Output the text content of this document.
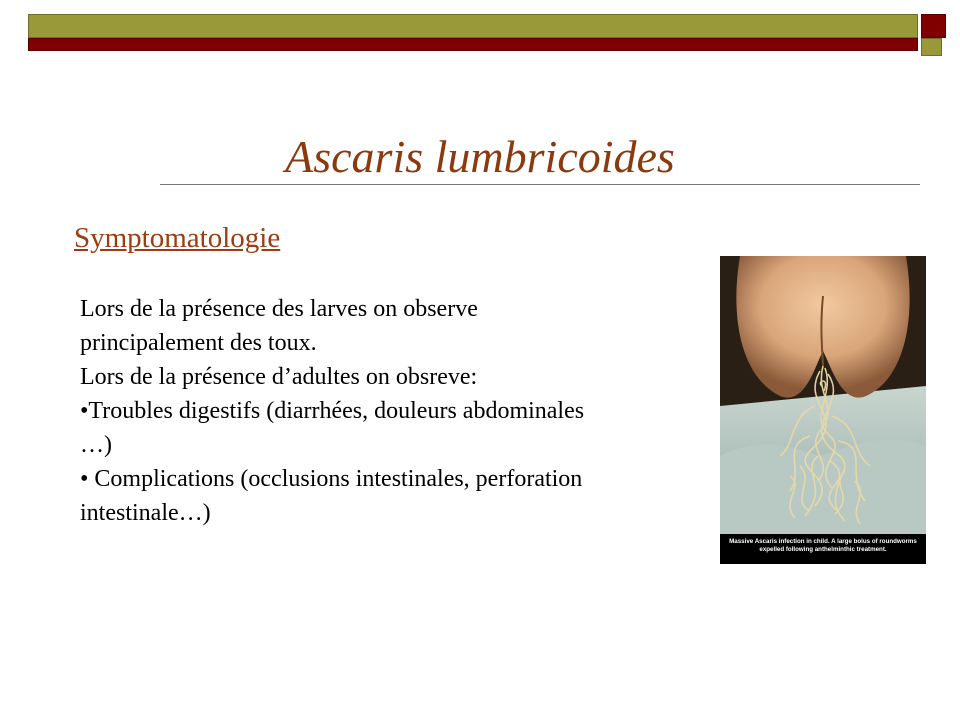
Ascaris lumbricoides
Symptomatologie

Lors de la présence des larves on observe principalement des toux.

Lors de la présence d’adultes on obsreve:

•Troubles digestifs (diarrhées, douleurs abdominales …)

• Complications (occlusions intestinales, perforation intestinale…)

Massive Ascaris infection in child. A large bolus of roundworms expelled following anthelminthic treatment.
